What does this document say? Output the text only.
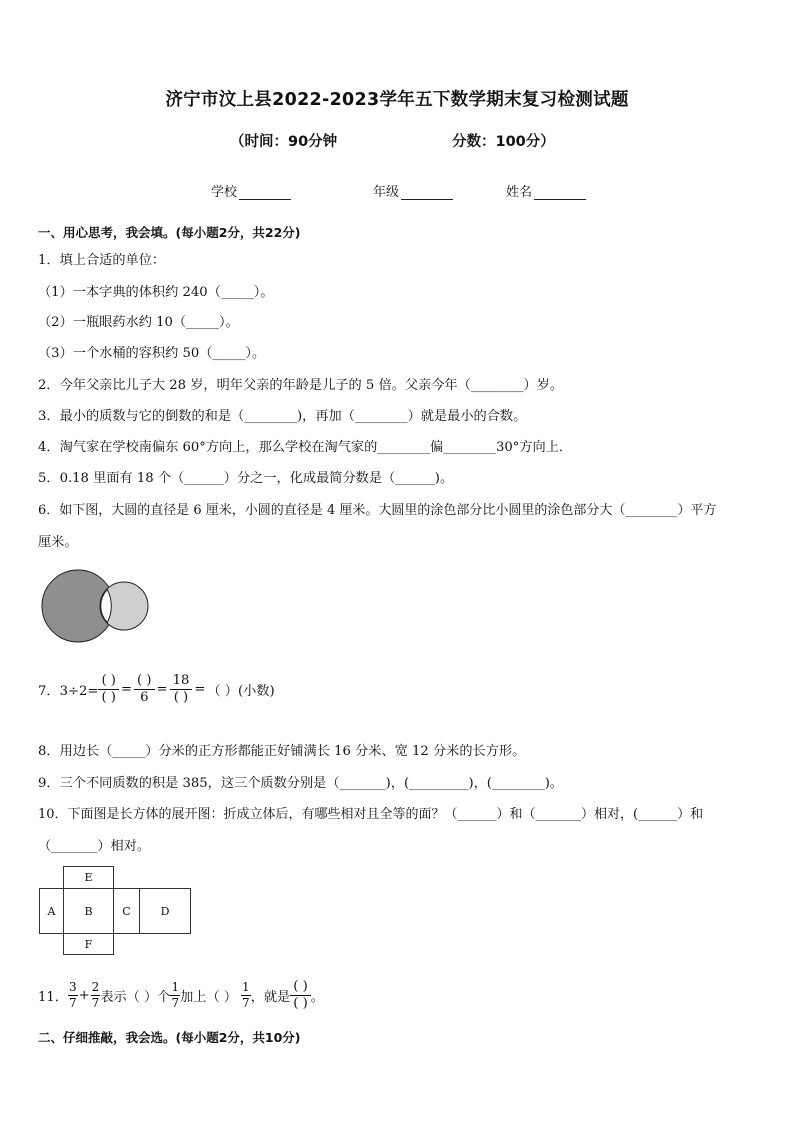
济宁市汶上县2022-2023学年五下数学期末复习检测试题
（时间：90分钟	分数：100分）
学校	年级	姓名
一、用心思考，我会填。(每小题2分，共22分)
1．填上合适的单位：
（1）一本字典的体积约 240（_____）。
（2）一瓶眼药水约 10（_____）。
（3）一个水桶的容积约 50（_____）。
2．今年父亲比儿子大 28 岁，明年父亲的年龄是儿子的 5 倍。父亲今年（________）岁。
3．最小的质数与它的倒数的和是（________)，再加（________）就是最小的合数。
4．淘气家在学校南偏东 60°方向上，那么学校在淘气家的________偏________30°方向上．
5．0.18 里面有 18 个（______）分之一，化成最简分数是（______)。
6．如下图，大圆的直径是 6 厘米，小圆的直径是 4 厘米。大圆里的涂色部分比小圆里的涂色部分大（________）平方
厘米。
7．$3\div 2= \frac{( )}{( )} = \frac{( )}{6} = \frac{18}{( )}$ = （ ）(小数)
8．用边长（_____）分米的正方形都能正好铺满长 16 分米、宽 12 分米的长方形。
9．三个不同质数的积是 385，这三个质数分别是（_______)，(_________)，(________)。
10．下面图是长方体的展开图：折成立体后，有哪些相对且全等的面？（______）和（_______）相对，(______）和
（_______）相对。
E
A	B	C	D
F
11． $\frac{3}{7} + \frac{2}{7}$ 表示（ ）个 $\frac{1}{7}$ 加上（ ） $\frac{1}{7}$ ，就是 $\frac{( )}{( )}$ 。
二、仔细推敲，我会选。(每小题2分，共10分)
